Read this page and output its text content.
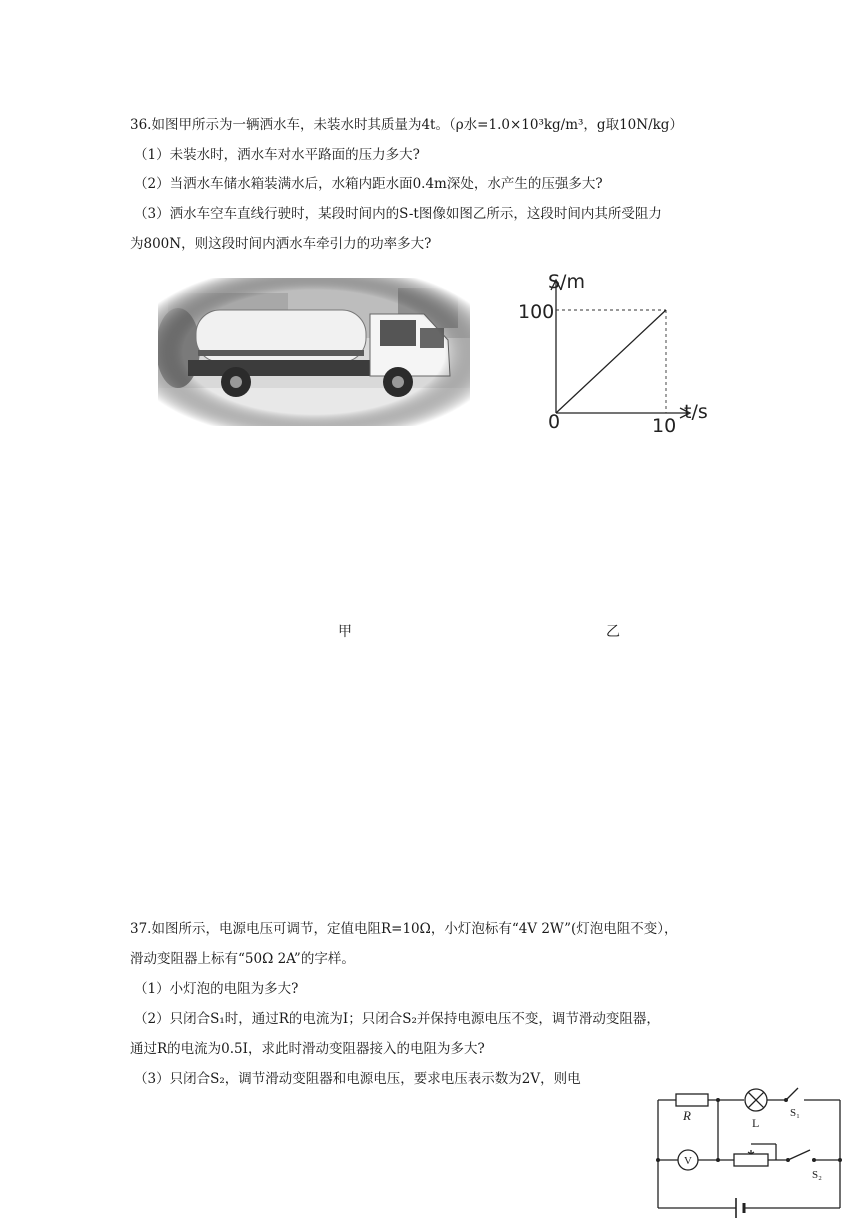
36.如图甲所示为一辆洒水车，未装水时其质量为4t。（ρ水=1.0×10³kg/m³，g取10N/kg）
（1）未装水时，洒水车对水平路面的压力多大?
（2）当洒水车储水箱装满水后，水箱内距水面0.4m深处，水产生的压强多大?
（3）洒水车空车直线行驶时，某段时间内的S-t图像如图乙所示，这段时间内其所受阻力
为800N，则这段时间内洒水车牵引力的功率多大?
S/m
100
0	10
t/s
甲	乙
37.如图所示，电源电压可调节，定值电阻R=10Ω，小灯泡标有“4V 2W”(灯泡电阻不变），
滑动变阻器上标有“50Ω 2A”的字样。
（1）小灯泡的电阻为多大?
（2）只闭合S₁时，通过R的电流为I；只闭合S₂并保持电源电压不变，调节滑动变阻器，
通过R的电流为0.5I，求此时滑动变阻器接入的电阻为多大?
（3）只闭合S₂，调节滑动变阻器和电源电压，要求电压表示数为2V，则电
R	L
S₁
V
S₂
